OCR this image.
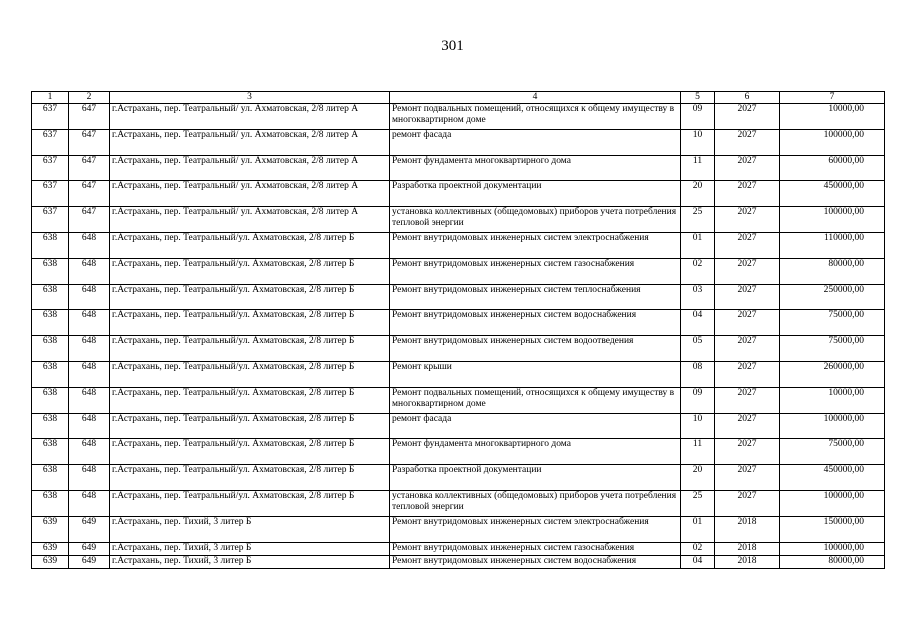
301
1	2	3	4	5	6	7
637	647	г.Астрахань, пер. Театральный/ ул. Ахматовская, 2/8 литер А	Ремонт подвальных помещений, относящихся к общему имуществу в многоквартирном доме	09	2027	10000,00
637	647	г.Астрахань, пер. Театральный/ ул. Ахматовская, 2/8 литер А	ремонт фасада	10	2027	100000,00
637	647	г.Астрахань, пер. Театральный/ ул. Ахматовская, 2/8 литер А	Ремонт фундамента многоквартирного дома	11	2027	60000,00
637	647	г.Астрахань, пер. Театральный/ ул. Ахматовская, 2/8 литер А	Разработка проектной документации	20	2027	450000,00
637	647	г.Астрахань, пер. Театральный/ ул. Ахматовская, 2/8 литер А	установка коллективных (общедомовых) приборов учета потребления тепловой энергии	25	2027	100000,00
638	648	г.Астрахань, пер. Театральный/ул. Ахматовская, 2/8 литер Б	Ремонт внутридомовых инженерных систем электроснабжения	01	2027	110000,00
638	648	г.Астрахань, пер. Театральный/ул. Ахматовская, 2/8 литер Б	Ремонт внутридомовых инженерных систем газоснабжения	02	2027	80000,00
638	648	г.Астрахань, пер. Театральный/ул. Ахматовская, 2/8 литер Б	Ремонт внутридомовых инженерных систем теплоснабжения	03	2027	250000,00
638	648	г.Астрахань, пер. Театральный/ул. Ахматовская, 2/8 литер Б	Ремонт внутридомовых инженерных систем водоснабжения	04	2027	75000,00
638	648	г.Астрахань, пер. Театральный/ул. Ахматовская, 2/8 литер Б	Ремонт внутридомовых инженерных систем водоотведения	05	2027	75000,00
638	648	г.Астрахань, пер. Театральный/ул. Ахматовская, 2/8 литер Б	Ремонт крыши	08	2027	260000,00
638	648	г.Астрахань, пер. Театральный/ул. Ахматовская, 2/8 литер Б	Ремонт подвальных помещений, относящихся к общему имуществу в многоквартирном доме	09	2027	10000,00
638	648	г.Астрахань, пер. Театральный/ул. Ахматовская, 2/8 литер Б	ремонт фасада	10	2027	100000,00
638	648	г.Астрахань, пер. Театральный/ул. Ахматовская, 2/8 литер Б	Ремонт фундамента многоквартирного дома	11	2027	75000,00
638	648	г.Астрахань, пер. Театральный/ул. Ахматовская, 2/8 литер Б	Разработка проектной документации	20	2027	450000,00
638	648	г.Астрахань, пер. Театральный/ул. Ахматовская, 2/8 литер Б	установка коллективных (общедомовых) приборов учета потребления тепловой энергии	25	2027	100000,00
639	649	г.Астрахань, пер. Тихий, 3 литер Б	Ремонт внутридомовых инженерных систем электроснабжения	01	2018	150000,00
639	649	г.Астрахань, пер. Тихий, 3 литер Б	Ремонт внутридомовых инженерных систем газоснабжения	02	2018	100000,00
639	649	г.Астрахань, пер. Тихий, 3 литер Б	Ремонт внутридомовых инженерных систем водоснабжения	04	2018	80000,00
